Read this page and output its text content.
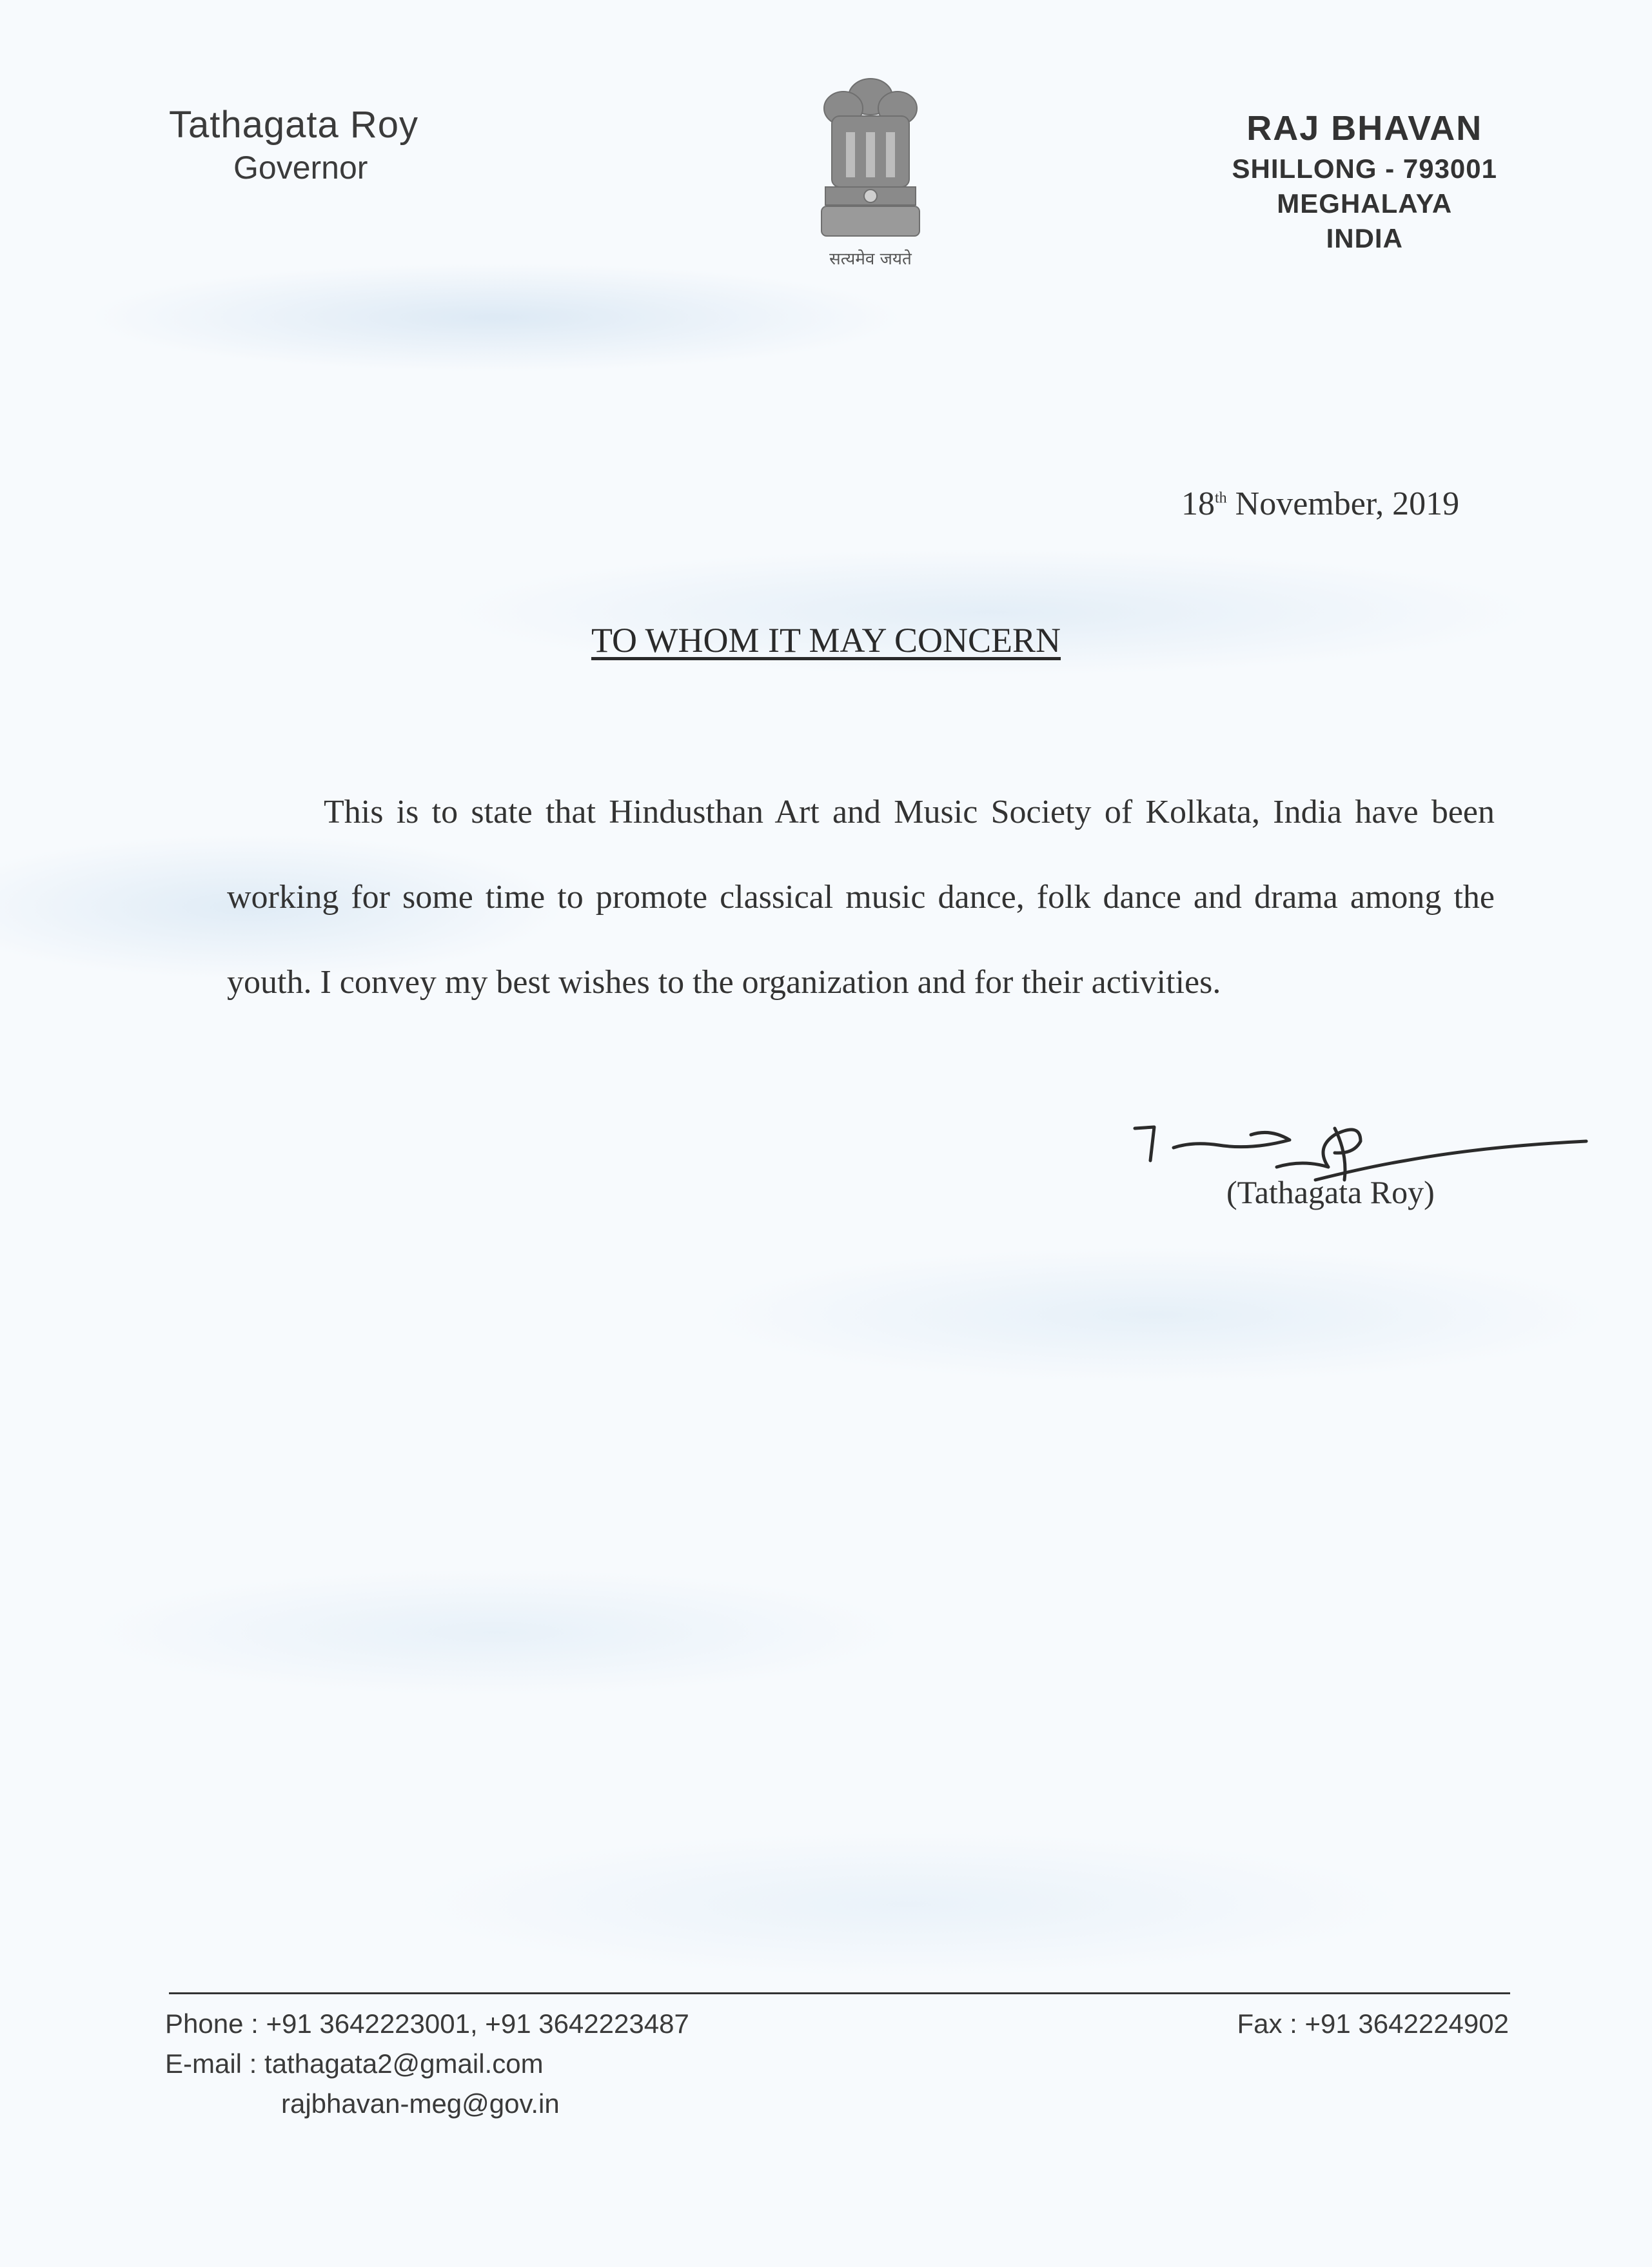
Tathagata Roy
Governor
सत्यमेव जयते
RAJ BHAVAN
SHILLONG - 793001
MEGHALAYA
INDIA
18th November, 2019
TO WHOM IT MAY CONCERN
This is to state that Hindusthan Art and Music Society of Kolkata, India have been working for some time to promote classical music dance, folk dance and drama among the youth. I convey my best wishes to the organization and for their activities.
(Tathagata Roy)
Phone : +91 3642223001, +91 3642223487
E-mail : tathagata2@gmail.com
rajbhavan-meg@gov.in
Fax : +91 3642224902
